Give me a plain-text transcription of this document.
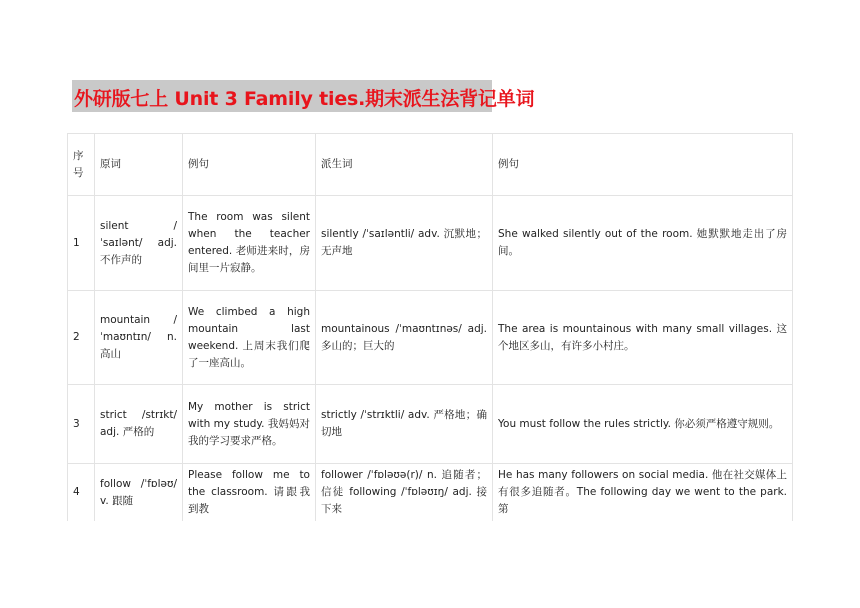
外研版七上 Unit 3 Family ties.期末派生法背记单词
序号	原词	例句	派生词	例句
1	silent /ˈsaɪlənt/ adj. 不作声的	The room was silent when the teacher entered. 老师进来时，房间里一片寂静。	silently /ˈsaɪləntli/ adv. 沉默地；无声地	She walked silently out of the room. 她默默地走出了房间。
2	mountain /ˈmaʊntɪn/ n. 高山	We climbed a high mountain last weekend. 上周末我们爬了一座高山。	mountainous /ˈmaʊntɪnəs/ adj. 多山的；巨大的	The area is mountainous with many small villages. 这个地区多山，有许多小村庄。
3	strict /strɪkt/ adj. 严格的	My mother is strict with my study. 我妈妈对我的学习要求严格。	strictly /ˈstrɪktli/ adv. 严格地；确切地	You must follow the rules strictly. 你必须严格遵守规则。
4	follow /ˈfɒləʊ/ v. 跟随	Please follow me to the classroom. 请跟我到教	follower /ˈfɒləʊə(r)/ n. 追随者；信徒 following /ˈfɒləʊɪŋ/ adj. 接下来	He has many followers on social media. 他在社交媒体上有很多追随者。The following day we went to the park. 第
